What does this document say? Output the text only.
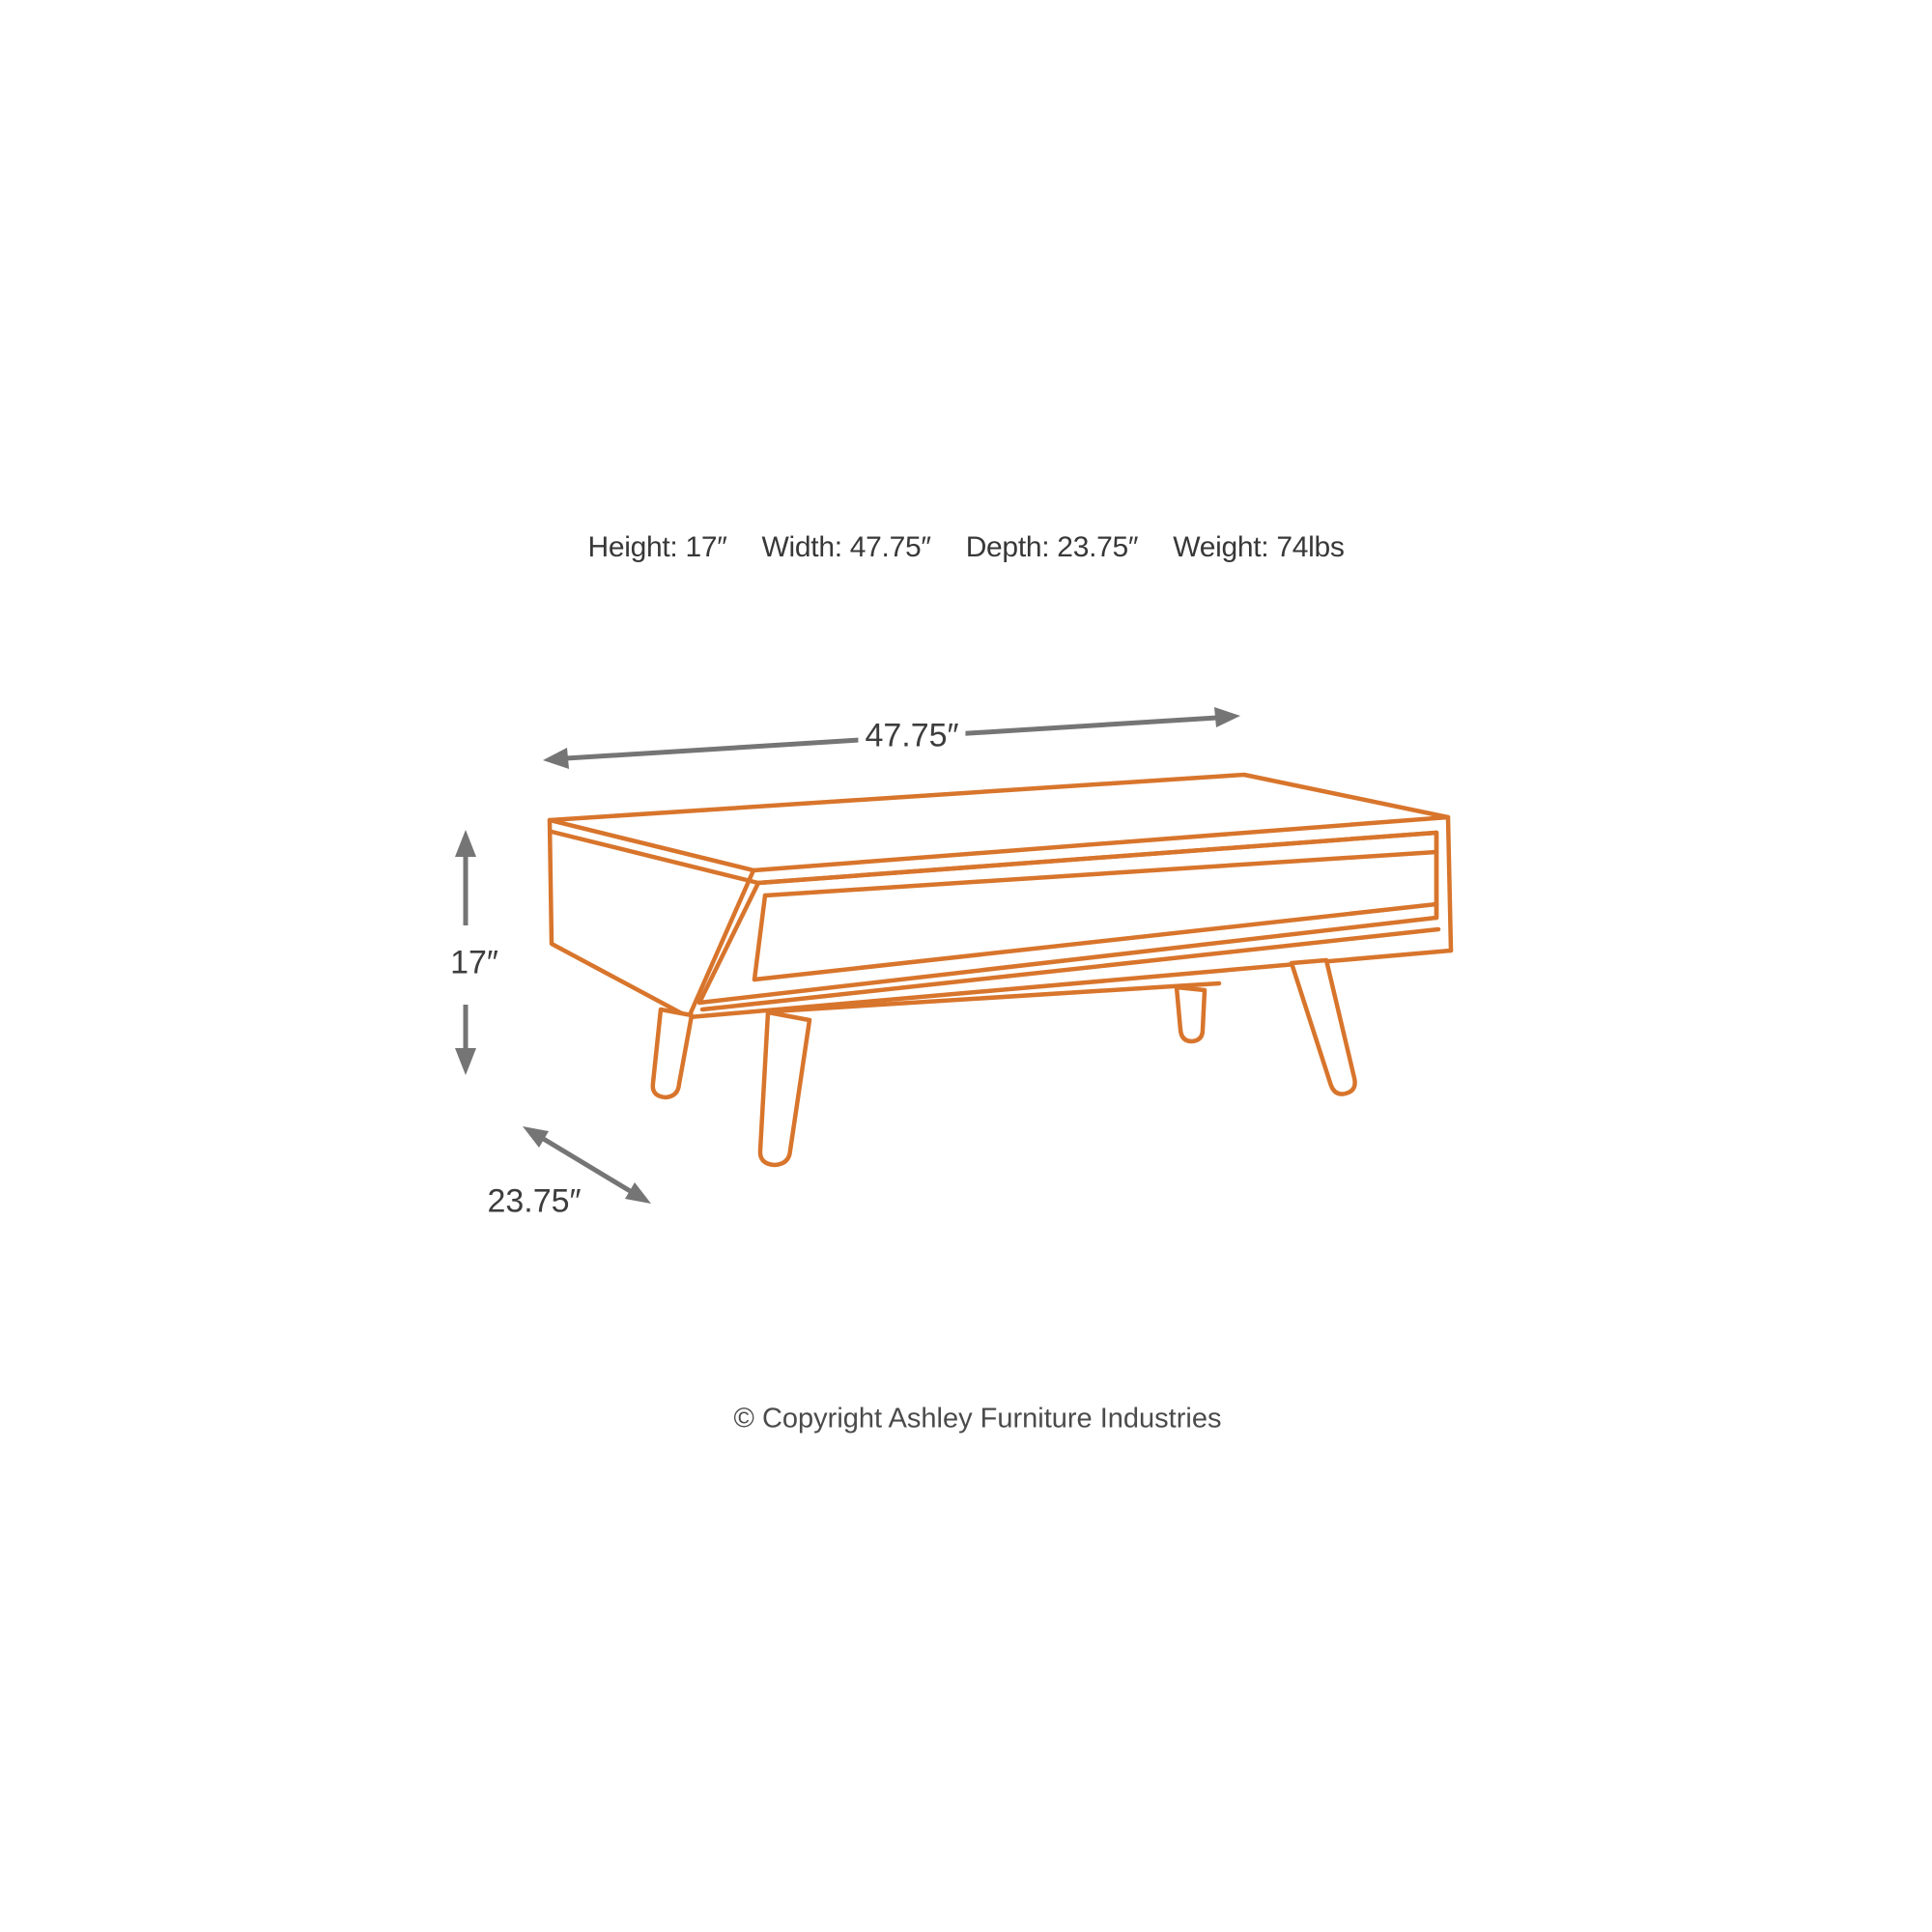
Height: 17″ Width: 47.75″ Depth: 23.75″ Weight: 74lbs
47.75″
17″
23.75″
© Copyright Ashley Furniture Industries
